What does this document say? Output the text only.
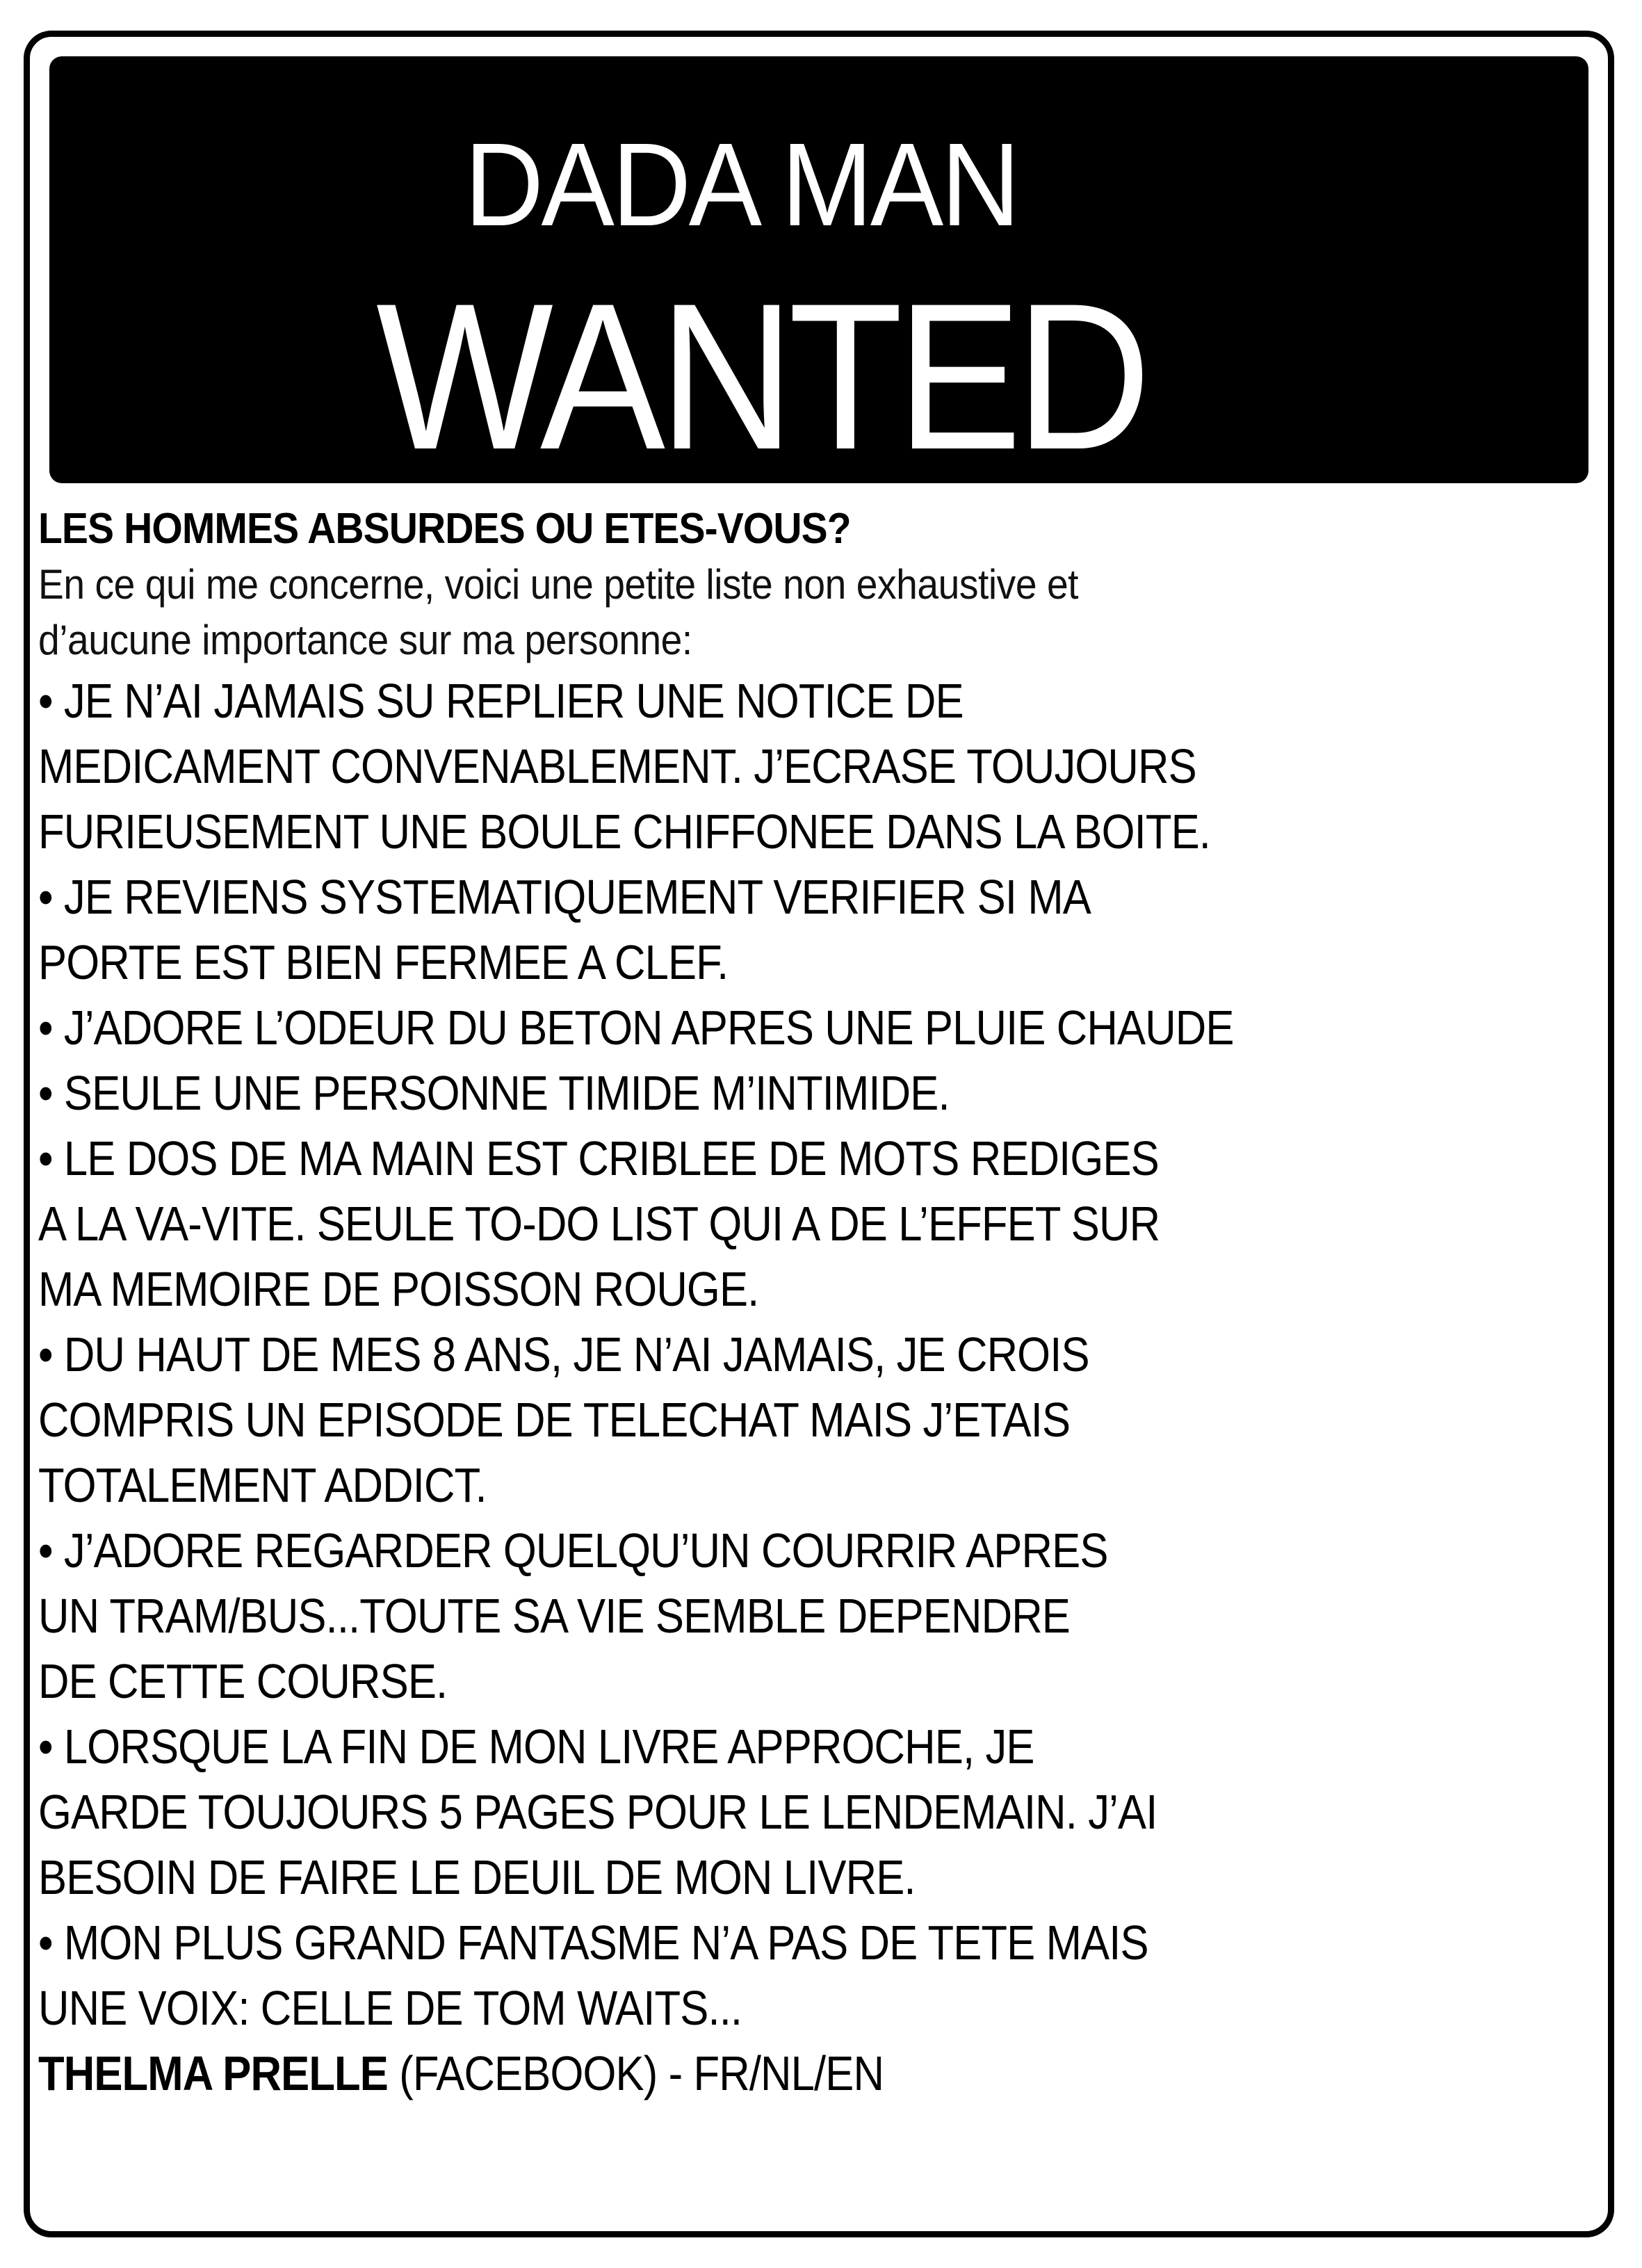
DADA MAN
WANTED
LES HOMMES ABSURDES OU ETES-VOUS?
En ce qui me concerne, voici une petite liste non exhaustive et
d’aucune importance sur ma personne:
• JE N’AI JAMAIS SU REPLIER UNE NOTICE DE
MEDICAMENT CONVENABLEMENT. J’ECRASE TOUJOURS
FURIEUSEMENT UNE BOULE CHIFFONEE DANS LA BOITE.
• JE REVIENS SYSTEMATIQUEMENT VERIFIER SI MA
PORTE EST BIEN FERMEE A CLEF.
• J’ADORE L’ODEUR DU BETON APRES UNE PLUIE CHAUDE
• SEULE UNE PERSONNE TIMIDE M’INTIMIDE.
• LE DOS DE MA MAIN EST CRIBLEE DE MOTS REDIGES
A LA VA-VITE. SEULE TO-DO LIST QUI A DE L’EFFET SUR
MA MEMOIRE DE POISSON ROUGE.
• DU HAUT DE MES 8 ANS, JE N’AI JAMAIS, JE CROIS
COMPRIS UN EPISODE DE TELECHAT MAIS J’ETAIS
TOTALEMENT ADDICT.
• J’ADORE REGARDER QUELQU’UN COURRIR APRES
UN TRAM/BUS...TOUTE SA VIE SEMBLE DEPENDRE
DE CETTE COURSE.
• LORSQUE LA FIN DE MON LIVRE APPROCHE, JE
GARDE TOUJOURS 5 PAGES POUR LE LENDEMAIN. J’AI
BESOIN DE FAIRE LE DEUIL DE MON LIVRE.
• MON PLUS GRAND FANTASME N’A PAS DE TETE MAIS
UNE VOIX: CELLE DE TOM WAITS...
THELMA PRELLE (FACEBOOK) - FR/NL/EN
